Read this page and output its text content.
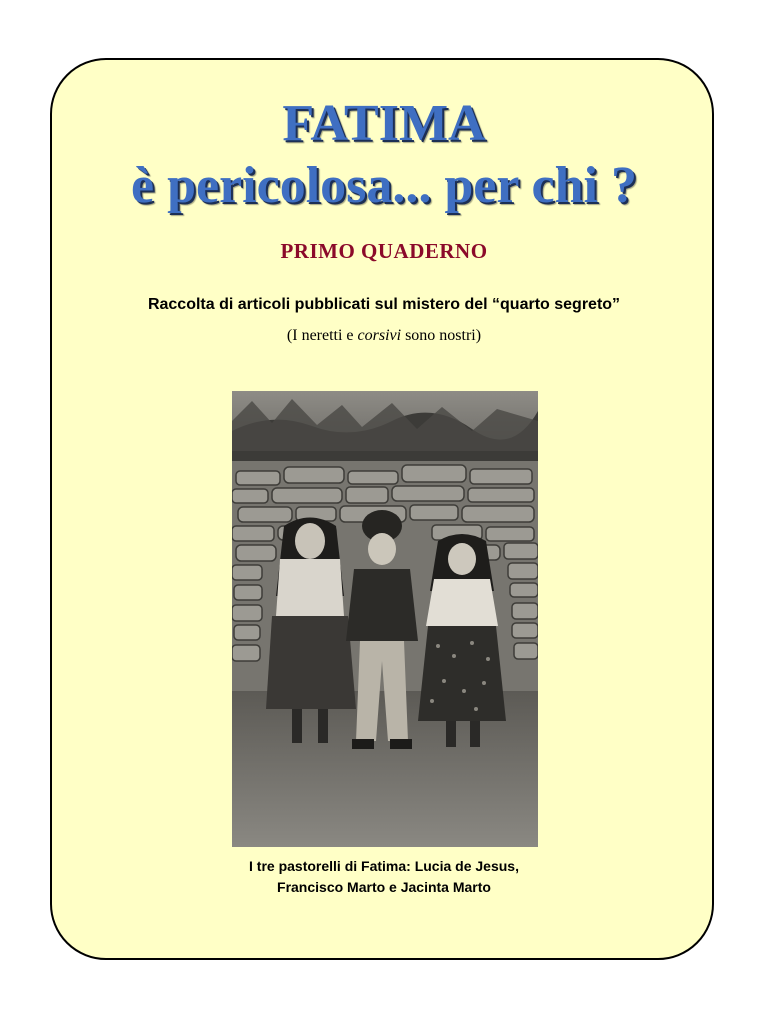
FATIMA
è pericolosa... per chi ?
PRIMO QUADERNO
Raccolta di articoli pubblicati sul mistero del “quarto segreto”
(I neretti e corsivi sono nostri)
I tre pastorelli di Fatima: Lucia de Jesus,
Francisco Marto e Jacinta Marto
